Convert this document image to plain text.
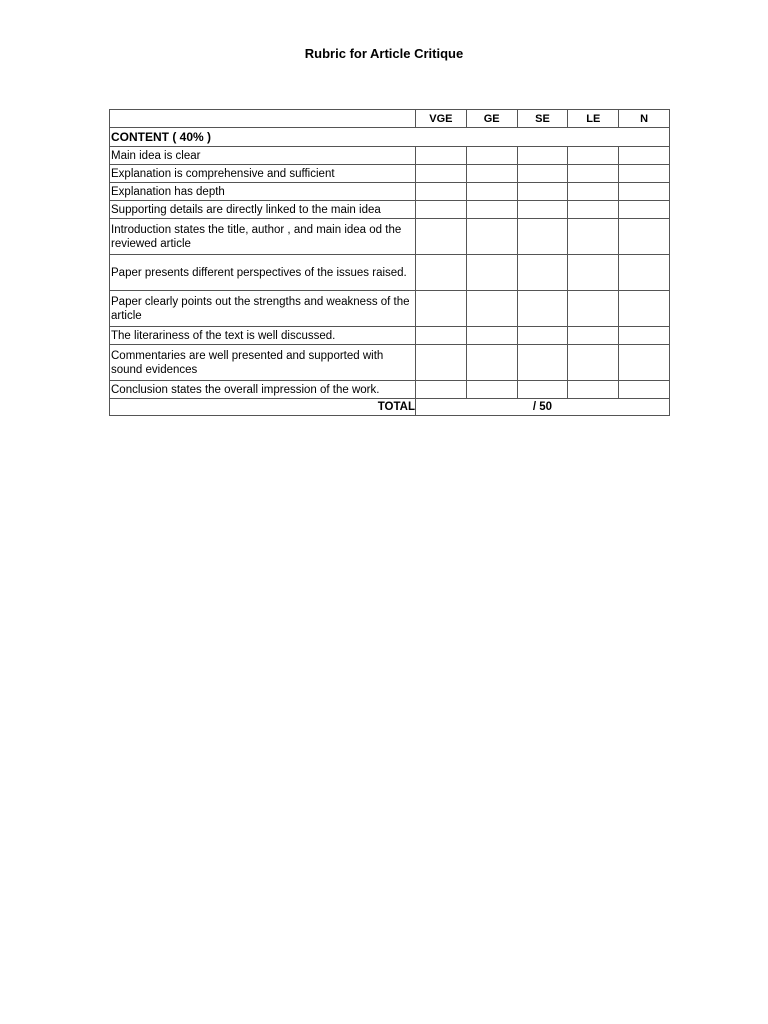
Rubric for Article Critique
	VGE	GE	SE	LE	N
CONTENT ( 40% )					
Main idea is clear					
Explanation is comprehensive and sufficient					
Explanation has depth					
Supporting details are directly linked to the main idea					
Introduction states the title, author , and main idea od the reviewed article					
Paper presents different perspectives of the issues raised.					
Paper clearly points out the strengths and weakness of the article					
The literariness of the text is well discussed.					
Commentaries are well presented and supported with sound evidences					
Conclusion states the overall impression of the work.					
TOTAL	/ 50				
